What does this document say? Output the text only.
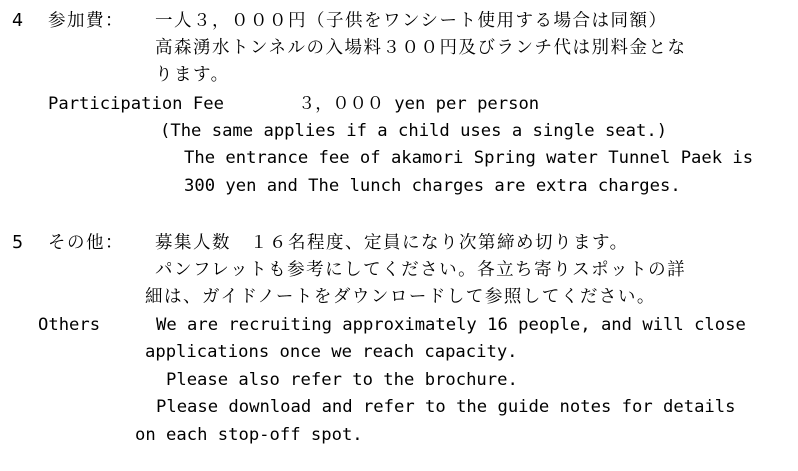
4 参加費： 一人３，０００円（子供をワンシート使用する場合は同額）
高森湧水トンネルの入場料３００円及びランチ代は別料金とな
ります。
Participation Fee	３，０００ yen per person
(The same applies if a child uses a single seat.)
The entrance fee of akamori Spring water Tunnel Paek is
300 yen and The lunch charges are extra charges.
5 その他： 募集人数　１６名程度、定員になり次第締め切ります。
パンフレットも参考にしてください。各立ち寄りスポットの詳
細は、ガイドノートをダウンロードして参照してください。
Others	We are recruiting approximately 16 people, and will close
applications once we reach capacity.
Please also refer to the brochure.
Please download and refer to the guide notes for details
on each stop-off spot.
